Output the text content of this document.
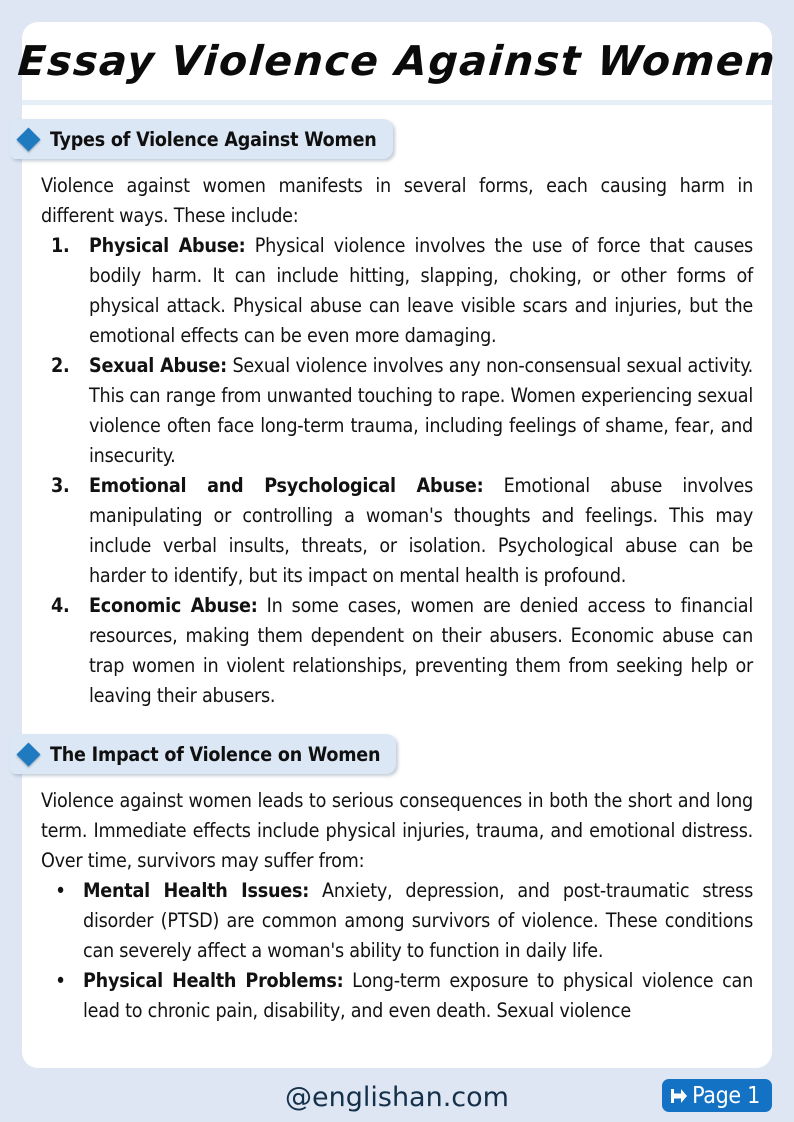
Essay Violence Against Women

Violence against women manifests in several forms, each causing harm in different ways. These include:

1. Physical Abuse: Physical violence involves the use of force that causes bodily harm. It can include hitting, slapping, choking, or other forms of physical attack. Physical abuse can leave visible scars and injuries, but the emotional effects can be even more damaging.
2. Sexual Abuse: Sexual violence involves any non-consensual sexual activity. This can range from unwanted touching to rape. Women experiencing sexual violence often face long-term trauma, including feelings of shame, fear, and insecurity.
3. Emotional and Psychological Abuse: Emotional abuse involves manipulating or controlling a woman's thoughts and feelings. This may include verbal insults, threats, or isolation. Psychological abuse can be harder to identify, but its impact on mental health is profound.
4. Economic Abuse: In some cases, women are denied access to financial resources, making them dependent on their abusers. Economic abuse can trap women in violent relationships, preventing them from seeking help or leaving their abusers.

Violence against women leads to serious consequences in both the short and long term. Immediate effects include physical injuries, trauma, and emotional distress. Over time, survivors may suffer from:

• Mental Health Issues: Anxiety, depression, and post-traumatic stress disorder (PTSD) are common among survivors of violence. These conditions can severely affect a woman's ability to function in daily life.
• Physical Health Problems: Long-term exposure to physical violence can lead to chronic pain, disability, and even death. Sexual violence
Types of Violence Against Women
The Impact of Violence on Women
@englishan.com	Page 1
